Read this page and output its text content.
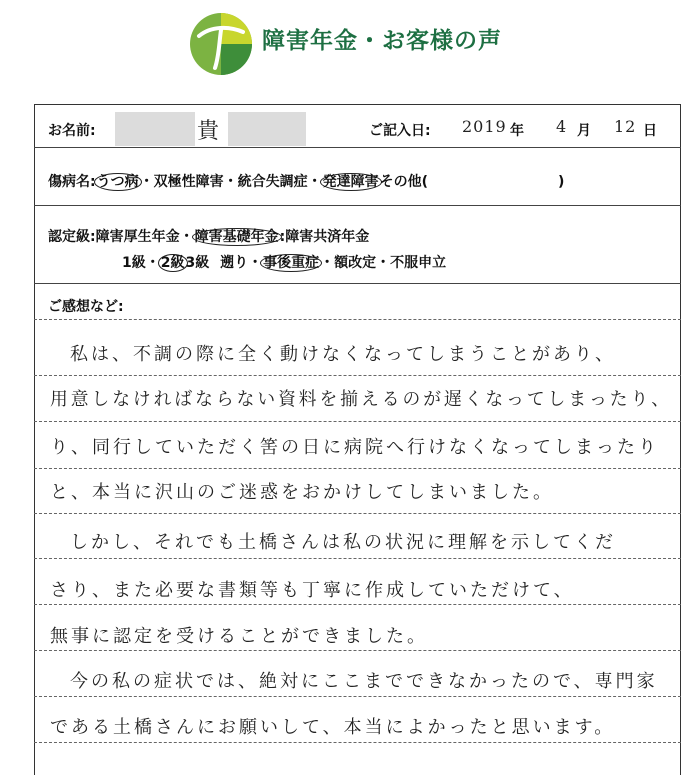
障害年金・お客様の声
お名前:	貴	ご記入日: 2019 年 4 月 12 日
傷病名:うつ病・双極性障害・統合失調症・発達障害その他(	)
認定級:障害厚生年金・障害基礎年金:障害共済年金
1級・2級3級 遡り・事後重症・額改定・不服申立
ご感想など:
私は、不調の際に全く動けなくなってしまうことがあり、
用意しなければならない資料を揃えるのが遅くなってしまったり、
り、同行していただく筈の日に病院へ行けなくなってしまったり
と、本当に沢山のご迷惑をおかけしてしまいました。
しかし、それでも土橋さんは私の状況に理解を示してくだ
さり、また必要な書類等も丁寧に作成していただけて、
無事に認定を受けることができました。
今の私の症状では、絶対にここまでできなかったので、専門家
である土橋さんにお願いして、本当によかったと思います。
